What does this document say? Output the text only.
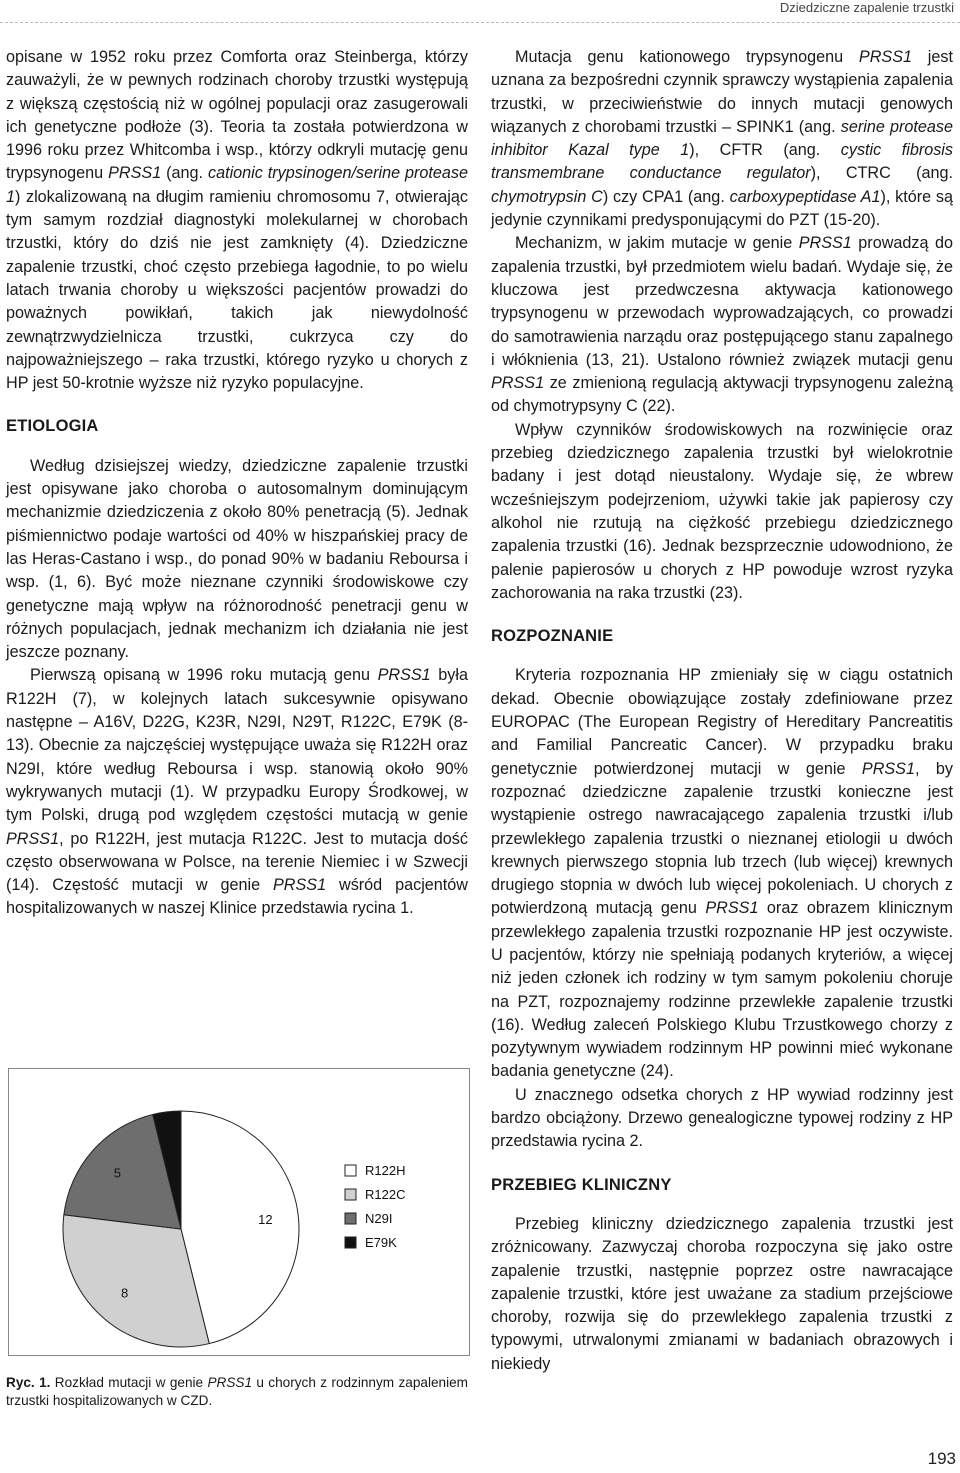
Dziedziczne zapalenie trzustki

opisane w 1952 roku przez Comforta oraz Steinberga, którzy zauważyli, że w pewnych rodzinach choroby trzustki występują z większą częstością niż w ogólnej populacji oraz zasugerowali ich genetyczne podłoże (3). Teoria ta została potwierdzona w 1996 roku przez Whitcomba i wsp., którzy odkryli mutację genu trypsynogenu PRSS1 (ang. cationic trypsinogen/serine protease 1) zlokalizowaną na długim ramieniu chromosomu 7, otwierając tym samym rozdział diagnostyki molekularnej w chorobach trzustki, który do dziś nie jest zamknięty (4). Dziedziczne zapalenie trzustki, choć często przebiega łagodnie, to po wielu latach trwania choroby u większości pacjentów prowadzi do poważnych powikłań, takich jak niewydolność zewnątrzwydzielnicza trzustki, cukrzyca czy do najpoważniejszego – raka trzustki, którego ryzyko u chorych z HP jest 50-krotnie wyższe niż ryzyko populacyjne.

ETIOLOGIA

Według dzisiejszej wiedzy, dziedziczne zapalenie trzustki jest opisywane jako choroba o autosomalnym dominującym mechanizmie dziedziczenia z około 80% penetracją (5). Jednak piśmiennictwo podaje wartości od 40% w hiszpańskiej pracy de las Heras-Castano i wsp., do ponad 90% w badaniu Reboursa i wsp. (1, 6). Być może nieznane czynniki środowiskowe czy genetyczne mają wpływ na różnorodność penetracji genu w różnych populacjach, jednak mechanizm ich działania nie jest jeszcze poznany.

Pierwszą opisaną w 1996 roku mutacją genu PRSS1 była R122H (7), w kolejnych latach sukcesywnie opisywano następne – A16V, D22G, K23R, N29I, N29T, R122C, E79K (8-13). Obecnie za najczęściej występujące uważa się R122H oraz N29I, które według Reboursa i wsp. stanowią około 90% wykrywanych mutacji (1). W przypadku Europy Środkowej, w tym Polski, drugą pod względem częstości mutacją w genie PRSS1, po R122H, jest mutacja R122C. Jest to mutacja dość często obserwowana w Polsce, na terenie Niemiec i w Szwecji (14). Częstość mutacji w genie PRSS1 wśród pacjentów hospitalizowanych w naszej Klinice przedstawia rycina 1.

12
8
5
1
R122H
R122C
N29I
E79K
Ryc. 1. Rozkład mutacji w genie PRSS1 u chorych z rodzinnym zapaleniem trzustki hospitalizowanych w CZD.

Mutacja genu kationowego trypsynogenu PRSS1 jest uznana za bezpośredni czynnik sprawczy wystąpienia zapalenia trzustki, w przeciwieństwie do innych mutacji genowych wiązanych z chorobami trzustki – SPINK1 (ang. serine protease inhibitor Kazal type 1), CFTR (ang. cystic fibrosis transmembrane conductance regulator), CTRC (ang. chymotrypsin C) czy CPA1 (ang. carboxypeptidase A1), które są jedynie czynnikami predysponującymi do PZT (15-20).

Mechanizm, w jakim mutacje w genie PRSS1 prowadzą do zapalenia trzustki, był przedmiotem wielu badań. Wydaje się, że kluczowa jest przedwczesna aktywacja kationowego trypsynogenu w przewodach wyprowadzających, co prowadzi do samotrawienia narządu oraz postępującego stanu zapalnego i włóknienia (13, 21). Ustalono również związek mutacji genu PRSS1 ze zmienioną regulacją aktywacji trypsynogenu zależną od chymotrypsyny C (22).

Wpływ czynników środowiskowych na rozwinięcie oraz przebieg dziedzicznego zapalenia trzustki był wielokrotnie badany i jest dotąd nieustalony. Wydaje się, że wbrew wcześniejszym podejrzeniom, używki takie jak papierosy czy alkohol nie rzutują na ciężkość przebiegu dziedzicznego zapalenia trzustki (16). Jednak bezsprzecznie udowodniono, że palenie papierosów u chorych z HP powoduje wzrost ryzyka zachorowania na raka trzustki (23).

ROZPOZNANIE

Kryteria rozpoznania HP zmieniały się w ciągu ostatnich dekad. Obecnie obowiązujące zostały zdefiniowane przez EUROPAC (The European Registry of Hereditary Pancreatitis and Familial Pancreatic Cancer). W przypadku braku genetycznie potwierdzonej mutacji w genie PRSS1, by rozpoznać dziedziczne zapalenie trzustki konieczne jest wystąpienie ostrego nawracającego zapalenia trzustki i/lub przewlekłego zapalenia trzustki o nieznanej etiologii u dwóch krewnych pierwszego stopnia lub trzech (lub więcej) krewnych drugiego stopnia w dwóch lub więcej pokoleniach. U chorych z potwierdzoną mutacją genu PRSS1 oraz obrazem klinicznym przewlekłego zapalenia trzustki rozpoznanie HP jest oczywiste. U pacjentów, którzy nie spełniają podanych kryteriów, a więcej niż jeden członek ich rodziny w tym samym pokoleniu choruje na PZT, rozpoznajemy rodzinne przewlekłe zapalenie trzustki (16). Według zaleceń Polskiego Klubu Trzustkowego chorzy z pozytywnym wywiadem rodzinnym HP powinni mieć wykonane badania genetyczne (24).

U znacznego odsetka chorych z HP wywiad rodzinny jest bardzo obciążony. Drzewo genealogiczne typowej rodziny z HP przedstawia rycina 2.

PRZEBIEG KLINICZNY

Przebieg kliniczny dziedzicznego zapalenia trzustki jest zróżnicowany. Zazwyczaj choroba rozpoczyna się jako ostre zapalenie trzustki, następnie poprzez ostre nawracające zapalenie trzustki, które jest uważane za stadium przejściowe choroby, rozwija się do przewlekłego zapalenia trzustki z typowymi, utrwalonymi zmianami w badaniach obrazowych i niekiedy

193
